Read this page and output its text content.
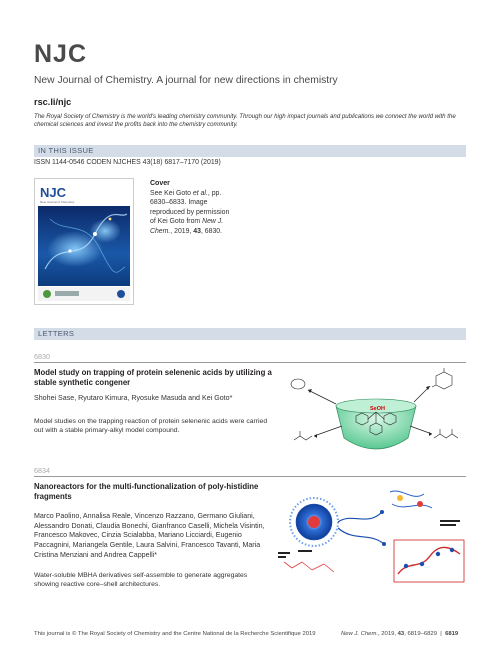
NJC
New Journal of Chemistry. A journal for new directions in chemistry
rsc.li/njc
The Royal Society of Chemistry is the world's leading chemistry community. Through our high impact journals and publications we connect the world with the chemical sciences and invest the profits back into the chemistry community.
IN THIS ISSUE
ISSN 1144-0546 CODEN NJCHES 43(18) 6817–7170 (2019)
NJC
New Journal of Chemistry
Cover
See Kei Goto et al., pp. 6830–6833. Image reproduced by permission of Kei Goto from New J. Chem., 2019, 43, 6830.
LETTERS
6830
Model study on trapping of protein selenenic acids by utilizing a stable synthetic congener
Shohei Sase, Ryutaro Kimura, Ryosuke Masuda and Kei Goto*
Model studies on the trapping reaction of protein selenenic acids were carried out with a stable primary-alkyl model compound.
SeOH
6834
Nanoreactors for the multi-functionalization of poly-histidine fragments
Marco Paolino, Annalisa Reale, Vincenzo Razzano, Germano Giuliani, Alessandro Donati, Claudia Bonechi, Gianfranco Caselli, Michela Visintin, Francesco Makovec, Cinzia Scialabba, Mariano Licciardi, Eugenio Paccagnini, Mariangela Gentile, Laura Salvini, Francesco Tavanti, Maria Cristina Menziani and Andrea Cappelli*
Water-soluble MBHA derivatives self-assemble to generate aggregates showing reactive core–shell architectures.
This journal is © The Royal Society of Chemistry and the Centre National de la Recherche Scientifique 2019	New J. Chem., 2019, 43, 6819–6829  |  6819
